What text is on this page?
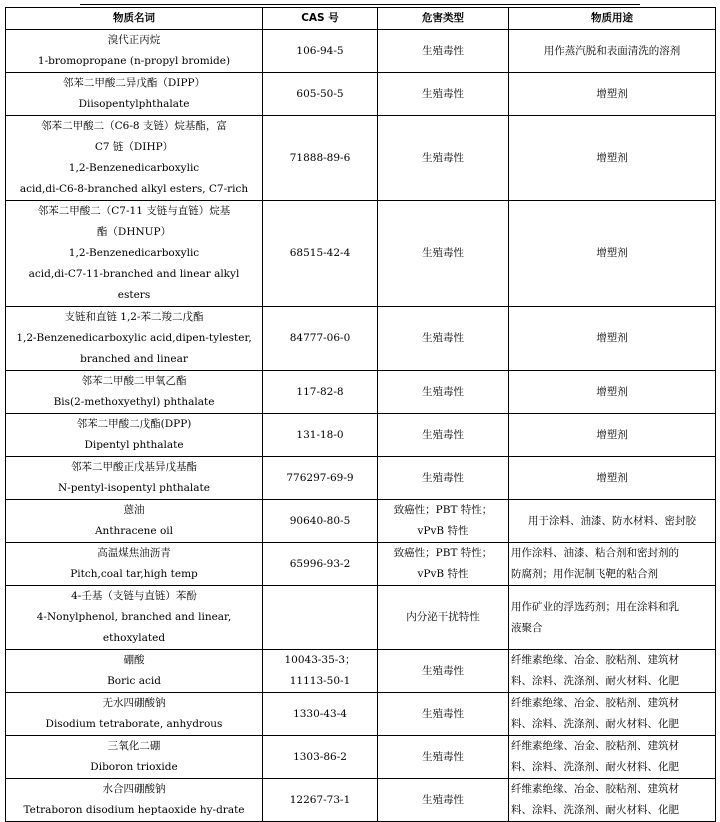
物质名词	CAS 号	危害类型	物质用途

溴代正丙烷
1-bromopropane (n-propyl bromide)	106-94-5	生殖毒性	用作蒸汽脱和表面清洗的溶剂

邻苯二甲酸二异戊酯（DIPP）
Diisopentylphthalate	605-50-5	生殖毒性	增塑剂

邻苯二甲酸二（C6-8 支链）烷基酯，富
C7 链（DIHP）
1,2-Benzenedicarboxylic
acid,di-C6-8-branched alkyl esters, C7-rich	71888-89-6	生殖毒性	增塑剂

邻苯二甲酸二（C7-11 支链与直链）烷基
酯（DHNUP）
1,2-Benzenedicarboxylic
acid,di-C7-11-branched and linear alkyl
esters	68515-42-4	生殖毒性	增塑剂

支链和直链 1,2-苯二羧二戊酯
1,2-Benzenedicarboxylic acid,dipen-tylester,
branched and linear	84777-06-0	生殖毒性	增塑剂

邻苯二甲酸二甲氧乙酯
Bis(2-methoxyethyl) phthalate	117-82-8	生殖毒性	增塑剂

邻苯二甲酸二戊酯(DPP)
Dipentyl phthalate	131-18-0	生殖毒性	增塑剂

邻苯二甲酸正戊基异戊基酯
N-pentyl-isopentyl phthalate	776297-69-9	生殖毒性	增塑剂

蒽油
Anthracene oil	90640-80-5	致癌性；PBT 特性；
vPvB 特性	用于涂料、油漆、防水材料、密封胶

高温煤焦油沥青
Pitch,coal tar,high temp	65996-93-2	致癌性；PBT 特性；
vPvB 特性	用作涂料、油漆、粘合剂和密封剂的
防腐剂；用作泥制飞靶的粘合剂

4-壬基（支链与直链）苯酚
4-Nonylphenol, branched and linear,
ethoxylated		内分泌干扰特性	用作矿业的浮选药剂；用在涂料和乳
液聚合

硼酸
Boric acid	10043-35-3；
11113-50-1	生殖毒性	纤维素绝缘、冶金、胶粘剂、建筑材
料、涂料、洗涤剂、耐火材料、化肥

无水四硼酸钠
Disodium tetraborate, anhydrous	1330-43-4	生殖毒性	纤维素绝缘、冶金、胶粘剂、建筑材
料、涂料、洗涤剂、耐火材料、化肥

三氧化二硼
Diboron trioxide	1303-86-2	生殖毒性	纤维素绝缘、冶金、胶粘剂、建筑材
料、涂料、洗涤剂、耐火材料、化肥

水合四硼酸钠
Tetraboron disodium heptaoxide hy-drate	12267-73-1	生殖毒性	纤维素绝缘、冶金、胶粘剂、建筑材
料、涂料、洗涤剂、耐火材料、化肥
